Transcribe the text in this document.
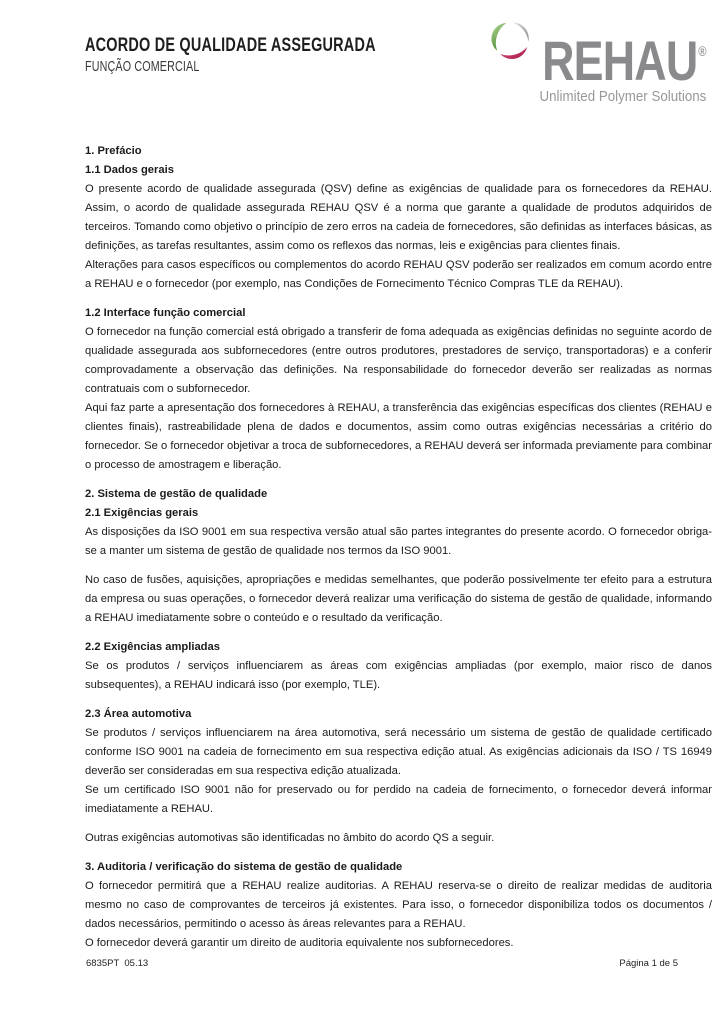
ACORDO DE QUALIDADE ASSEGURADA
FUNÇÃO COMERCIAL	REHAU®
Unlimited Polymer Solutions
1. Prefácio
1.1 Dados gerais
O presente acordo de qualidade assegurada (QSV) define as exigências de qualidade para os fornecedores da REHAU. Assim, o acordo de qualidade assegurada REHAU QSV é a norma que garante a qualidade de produtos adquiridos de terceiros. Tomando como objetivo o princípio de zero erros na cadeia de fornecedores, são definidas as interfaces básicas, as definições, as tarefas resultantes, assim como os reflexos das normas, leis e exigências para clientes finais.
Alterações para casos específicos ou complementos do acordo REHAU QSV poderão ser realizados em comum acordo entre a REHAU e o fornecedor (por exemplo, nas Condições de Fornecimento Técnico Compras TLE da REHAU).
1.2 Interface função comercial
O fornecedor na função comercial está obrigado a transferir de foma adequada as exigências definidas no seguinte acordo de qualidade assegurada aos subfornecedores (entre outros produtores, prestadores de serviço, transportadoras) e a conferir comprovadamente a observação das definições. Na responsabilidade do fornecedor deverão ser realizadas as normas contratuais com o subfornecedor.
Aqui faz parte a apresentação dos fornecedores à REHAU, a transferência das exigências específicas dos clientes (REHAU e clientes finais), rastreabilidade plena de dados e documentos, assim como outras exigências necessárias a critério do fornecedor. Se o fornecedor objetivar a troca de subfornecedores, a REHAU deverá ser informada previamente para combinar o processo de amostragem e liberação.
2. Sistema de gestão de qualidade
2.1 Exigências gerais
As disposições da ISO 9001 em sua respectiva versão atual são partes integrantes do presente acordo. O fornecedor obriga-se a manter um sistema de gestão de qualidade nos termos da ISO 9001.
No caso de fusões, aquisições, apropriações e medidas semelhantes, que poderão possivelmente ter efeito para a estrutura da empresa ou suas operações, o fornecedor deverá realizar uma verificação do sistema de gestão de qualidade, informando a REHAU imediatamente sobre o conteúdo e o resultado da verificação.
2.2 Exigências ampliadas
Se os produtos / serviços influenciarem as áreas com exigências ampliadas (por exemplo, maior risco de danos subsequentes), a REHAU indicará isso (por exemplo, TLE).
2.3 Área automotiva
Se produtos / serviços influenciarem na área automotiva, será necessário um sistema de gestão de qualidade certificado conforme ISO 9001 na cadeia de fornecimento em sua respectiva edição atual. As exigências adicionais da ISO / TS 16949 deverão ser consideradas em sua respectiva edição atualizada.
Se um certificado ISO 9001 não for preservado ou for perdido na cadeia de fornecimento, o fornecedor deverá informar imediatamente a REHAU.
Outras exigências automotivas são identificadas no âmbito do acordo QS a seguir.
3. Auditoria / verificação do sistema de gestão de qualidade
O fornecedor permitirá que a REHAU realize auditorias. A REHAU reserva-se o direito de realizar medidas de auditoria mesmo no caso de comprovantes de terceiros já existentes. Para isso, o fornecedor disponibiliza todos os documentos / dados necessários, permitindo o acesso às áreas relevantes para a REHAU.
O fornecedor deverá garantir um direito de auditoria equivalente nos subfornecedores.
6835PT  05.13	Página 1 de 5
